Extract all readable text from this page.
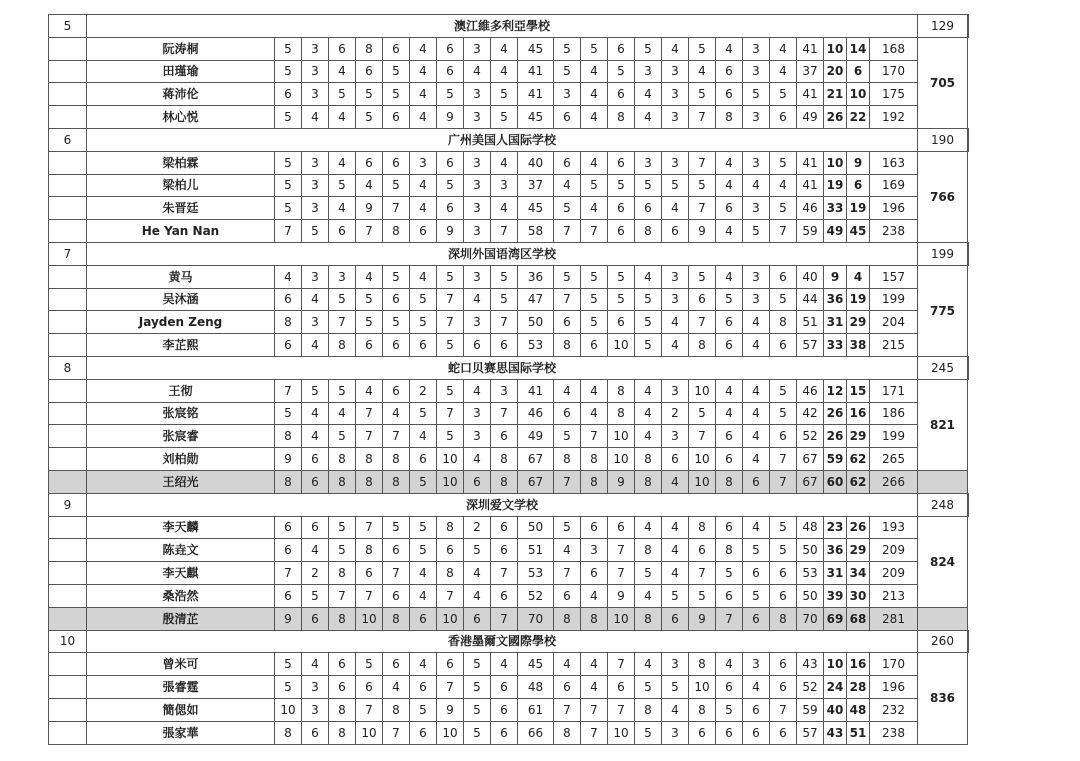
5	澳江維多利亞學校																								129	
	阮涛桐	5	3	6	8	6	4	6	3	4	45	5	5	6	5	4	5	4	3	4	41	10	14	168	705	
	田瑾瑜	5	3	4	6	5	4	6	4	4	41	5	4	5	3	3	4	6	3	4	37	20	6	170		
	蒋沛伦	6	3	5	5	5	4	5	3	5	41	3	4	6	4	3	5	6	5	5	41	21	10	175		
	林心悦	5	4	4	5	6	4	9	3	5	45	6	4	8	4	3	7	8	3	6	49	26	22	192		
6	广州美国人国际学校																								190	
	梁柏霖	5	3	4	6	6	3	6	3	4	40	6	4	6	3	3	7	4	3	5	41	10	9	163	766	
	梁柏儿	5	3	5	4	5	4	5	3	3	37	4	5	5	5	5	5	4	4	4	41	19	6	169		
	朱晋廷	5	3	4	9	7	4	6	3	4	45	5	4	6	6	4	7	6	3	5	46	33	19	196		
	He Yan Nan	7	5	6	7	8	6	9	3	7	58	7	7	6	8	6	9	4	5	7	59	49	45	238		
7	深圳外国语湾区学校																								199	
	黄马	4	3	3	4	5	4	5	3	5	36	5	5	5	4	3	5	4	3	6	40	9	4	157	775	
	吴沐涵	6	4	5	5	6	5	7	4	5	47	7	5	5	5	3	6	5	3	5	44	36	19	199		
	Jayden Zeng	8	3	7	5	5	5	7	3	7	50	6	5	6	5	4	7	6	4	8	51	31	29	204		
	李芷熙	6	4	8	6	6	6	5	6	6	53	8	6	10	5	4	8	6	4	6	57	33	38	215		
8	蛇口贝赛思国际学校																								245	
	王彻	7	5	5	4	6	2	5	4	3	41	4	4	8	4	3	10	4	4	5	46	12	15	171	821	
	张宸铭	5	4	4	7	4	5	7	3	7	46	6	4	8	4	2	5	4	4	5	42	26	16	186		
	张宸睿	8	4	5	7	7	4	5	3	6	49	5	7	10	4	3	7	6	4	6	52	26	29	199		
	刘柏勋	9	6	8	8	8	6	10	4	8	67	8	8	10	8	6	10	6	4	7	67	59	62	265		
	王绍光	8	6	8	8	8	5	10	6	8	67	7	8	9	8	4	10	8	6	7	67	60	62	266		
9	深圳爱文学校																								248	
	李天麟	6	6	5	7	5	5	8	2	6	50	5	6	6	4	4	8	6	4	5	48	23	26	193	824	
	陈垚文	6	4	5	8	6	5	6	5	6	51	4	3	7	8	4	6	8	5	5	50	36	29	209		
	李天麒	7	2	8	6	7	4	8	4	7	53	7	6	7	5	4	7	5	6	6	53	31	34	209		
	桑浩然	6	5	7	7	6	4	7	4	6	52	6	4	9	4	5	5	6	5	6	50	39	30	213		
	殷清芷	9	6	8	10	8	6	10	6	7	70	8	8	10	8	6	9	7	6	8	70	69	68	281		
10	香港墨爾文國際學校																								260	
	曾米可	5	4	6	5	6	4	6	5	4	45	4	4	7	4	3	8	4	3	6	43	10	16	170	836	
	張睿霆	5	3	6	6	4	6	7	5	6	48	6	4	6	5	5	10	6	4	6	52	24	28	196		
	簡偲如	10	3	8	7	8	5	9	5	6	61	7	7	7	8	4	8	5	6	7	59	40	48	232		
	張家華	8	6	8	10	7	6	10	5	6	66	8	7	10	5	3	6	6	6	6	57	43	51	238		
